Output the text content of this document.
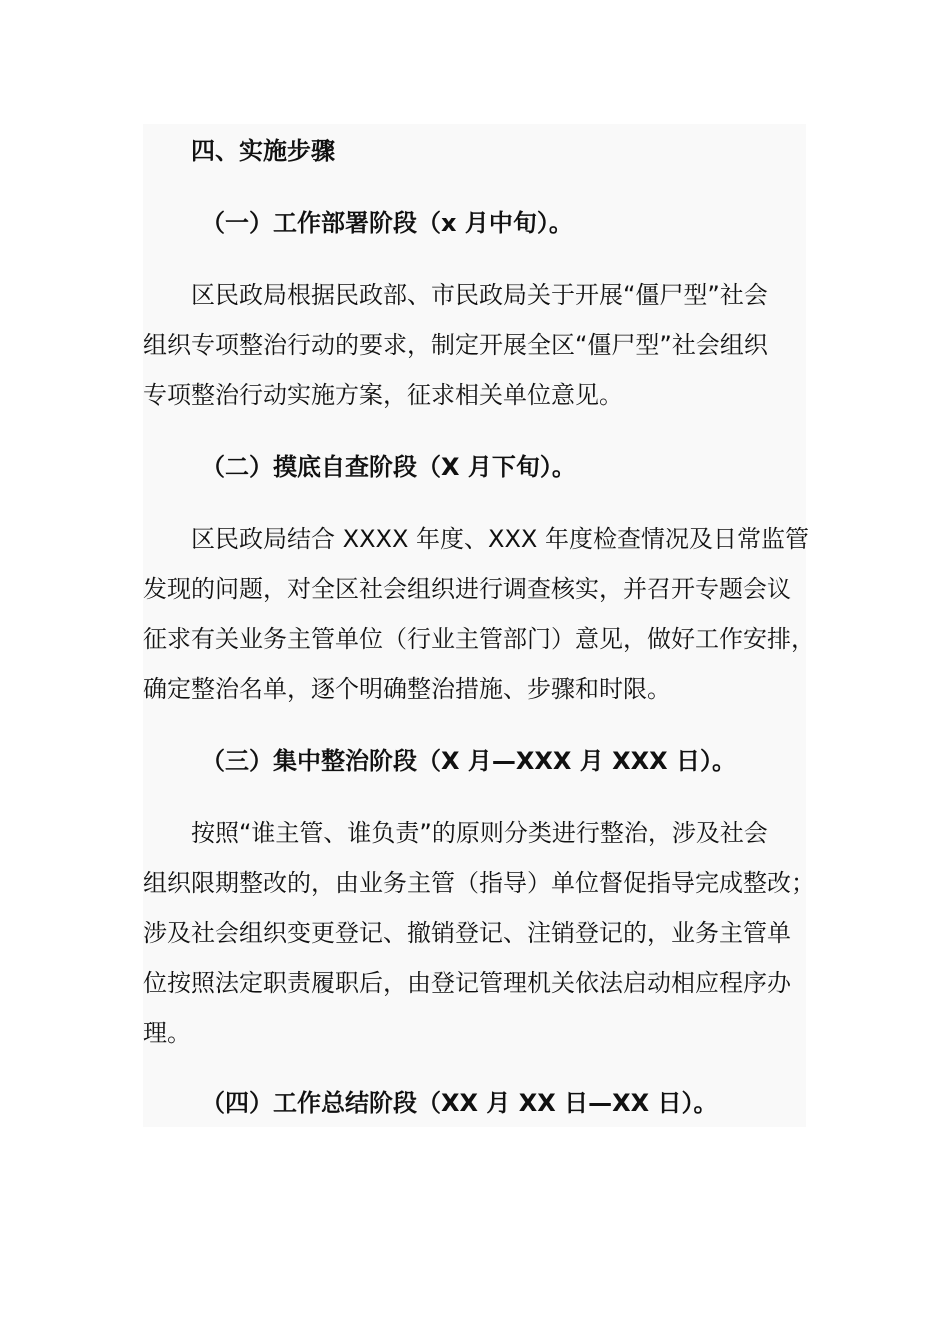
四、实施步骤
（一）工作部署阶段（x 月中旬）。
区民政局根据民政部、市民政局关于开展“僵尸型”社会
组织专项整治行动的要求，制定开展全区“僵尸型”社会组织
专项整治行动实施方案，征求相关单位意见。
（二）摸底自查阶段（X 月下旬）。
区民政局结合 XXXX 年度、XXX 年度检查情况及日常监管
发现的问题，对全区社会组织进行调查核实，并召开专题会议
征求有关业务主管单位（行业主管部门）意见，做好工作安排，
确定整治名单，逐个明确整治措施、步骤和时限。
（三）集中整治阶段（X 月—XXX 月 XXX 日）。
按照“谁主管、谁负责”的原则分类进行整治，涉及社会
组织限期整改的，由业务主管（指导）单位督促指导完成整改；
涉及社会组织变更登记、撤销登记、注销登记的，业务主管单
位按照法定职责履职后，由登记管理机关依法启动相应程序办
理。
（四）工作总结阶段（XX 月 XX 日—XX 日）。
